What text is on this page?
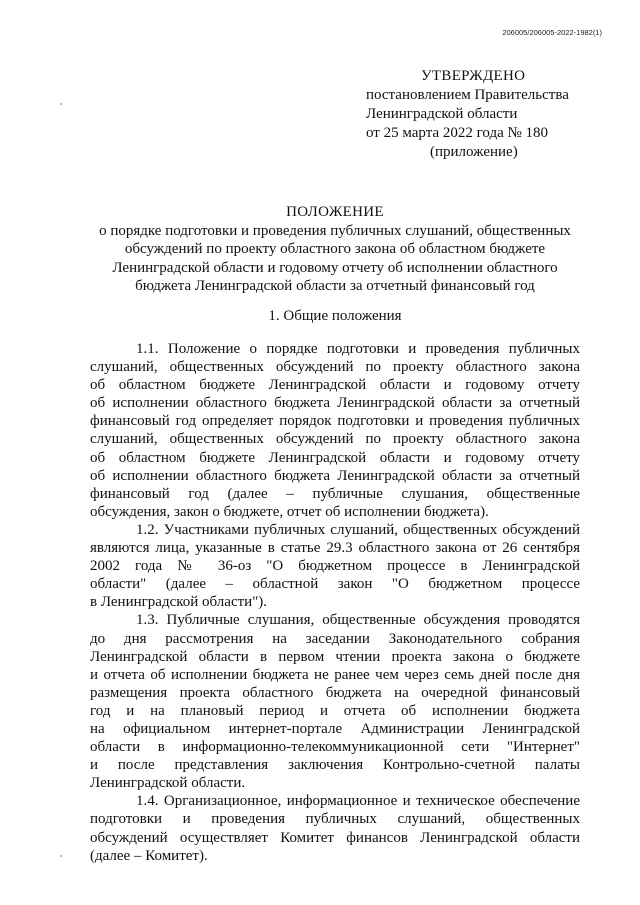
206005/206005-2022-1982(1)
УТВЕРЖДЕНО
постановлением Правительства
Ленинградской области
от 25 марта 2022 года № 180
(приложение)
ПОЛОЖЕНИЕ
о порядке подготовки и проведения публичных слушаний, общественных
обсуждений по проекту областного закона об областном бюджете
Ленинградской области и годовому отчету об исполнении областного
бюджета Ленинградской области за отчетный финансовый год
1. Общие положения
1.1. Положение о порядке подготовки и проведения публичных
слушаний, общественных обсуждений по проекту областного закона
об областном бюджете Ленинградской области и годовому отчету
об исполнении областного бюджета Ленинградской области за отчетный
финансовый год определяет порядок подготовки и проведения публичных
слушаний, общественных обсуждений по проекту областного закона
об областном бюджете Ленинградской области и годовому отчету
об исполнении областного бюджета Ленинградской области за отчетный
финансовый год (далее – публичные слушания, общественные
обсуждения, закон о бюджете, отчет об исполнении бюджета).
1.2. Участниками публичных слушаний, общественных обсуждений
являются лица, указанные в статье 29.3 областного закона от 26 сентября
2002 года № 36-оз "О бюджетном процессе в Ленинградской
области" (далее – областной закон "О бюджетном процессе
в Ленинградской области").
1.3. Публичные слушания, общественные обсуждения проводятся
до дня рассмотрения на заседании Законодательного собрания
Ленинградской области в первом чтении проекта закона о бюджете
и отчета об исполнении бюджета не ранее чем через семь дней после дня
размещения проекта областного бюджета на очередной финансовый
год и на плановый период и отчета об исполнении бюджета
на официальном интернет-портале Администрации Ленинградской
области в информационно-телекоммуникационной сети "Интернет"
и после представления заключения Контрольно-счетной палаты
Ленинградской области.
1.4. Организационное, информационное и техническое обеспечение
подготовки и проведения публичных слушаний, общественных
обсуждений осуществляет Комитет финансов Ленинградской области
(далее – Комитет).
